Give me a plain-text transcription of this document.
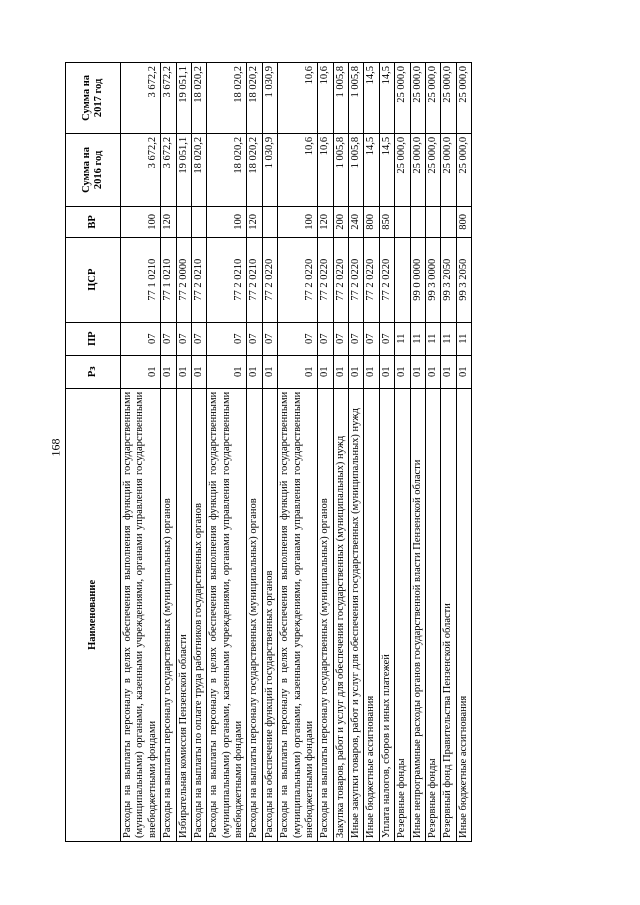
168
Наименование	Рз	ПР	ЦСР	ВР	Сумма на 2016 год	Сумма на 2017 год
Расходы на выплаты персоналу в целях обеспечения выполнения функций государственными (муниципальными) органами, казенными учреждениями, органами управления государственными внебюджетными фондами	01	07	77 1 0210	100	3 672,2	3 672,2
Расходы на выплаты персоналу государственных (муниципальных) органов	01	07	77 1 0210	120	3 672,2	3 672,2
Избирательная комиссия Пензенской области	01	07	77 2 0000		19 051,1	19 051,1
Расходы на выплаты по оплате труда работников государственных органов	01	07	77 2 0210		18 020,2	18 020,2
Расходы на выплаты персоналу в целях обеспечения выполнения функций государственными (муниципальными) органами, казенными учреждениями, органами управления государственными внебюджетными фондами	01	07	77 2 0210	100	18 020,2	18 020,2
Расходы на выплаты персоналу государственных (муниципальных) органов	01	07	77 2 0210	120	18 020,2	18 020,2
Расходы на обеспечение функций государственных органов	01	07	77 2 0220		1 030,9	1 030,9
Расходы на выплаты персоналу в целях обеспечения выполнения функций государственными (муниципальными) органами, казенными учреждениями, органами управления государственными внебюджетными фондами	01	07	77 2 0220	100	10,6	10,6
Расходы на выплаты персоналу государственных (муниципальных) органов	01	07	77 2 0220	120	10,6	10,6
Закупка товаров, работ и услуг для обеспечения государственных (муниципальных) нужд	01	07	77 2 0220	200	1 005,8	1 005,8
Иные закупки товаров, работ и услуг для обеспечения государственных (муниципальных) нужд	01	07	77 2 0220	240	1 005,8	1 005,8
Иные бюджетные ассигнования	01	07	77 2 0220	800	14,5	14,5
Уплата налогов, сборов и иных платежей	01	07	77 2 0220	850	14,5	14,5
Резервные фонды	01	11			25 000,0	25 000,0
Иные непрограммные расходы органов государственной власти Пензенской области	01	11	99 0 0000		25 000,0	25 000,0
Резервные фонды	01	11	99 3 0000		25 000,0	25 000,0
Резервный фонд Правительства Пензенской области	01	11	99 3 2050		25 000,0	25 000,0
Иные бюджетные ассигнования	01	11	99 3 2050	800	25 000,0	25 000,0
